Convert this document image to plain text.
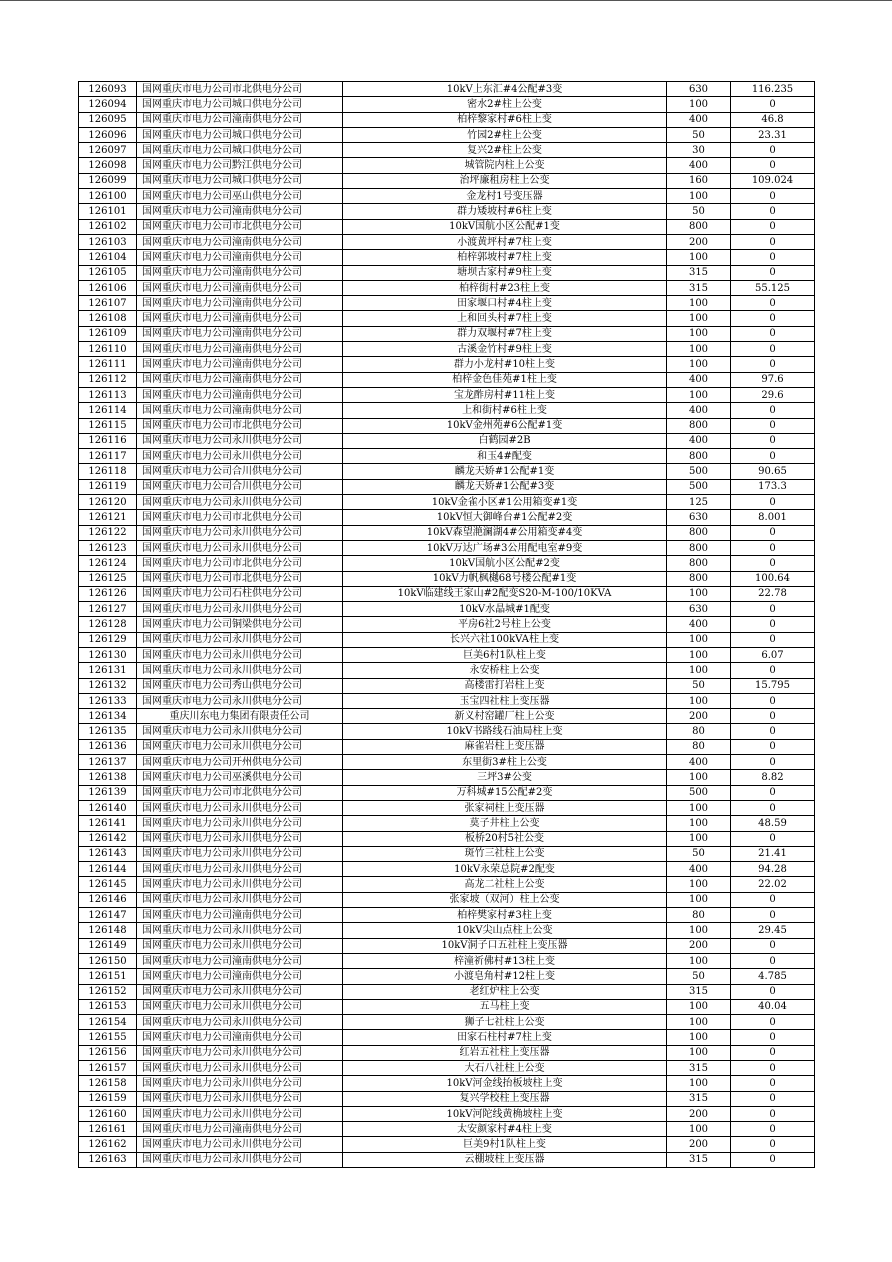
126093	国网重庆市电力公司市北供电分公司	10kV上东汇#4公配#3变	630	116.235
126094	国网重庆市电力公司城口供电分公司	密水2#柱上公变	100	0
126095	国网重庆市电力公司潼南供电分公司	柏梓黎家村#6柱上变	400	46.8
126096	国网重庆市电力公司城口供电分公司	竹园2#柱上公变	50	23.31
126097	国网重庆市电力公司城口供电分公司	复兴2#柱上公变	30	0
126098	国网重庆市电力公司黔江供电分公司	城管院内柱上公变	400	0
126099	国网重庆市电力公司城口供电分公司	治坪廉租房柱上公变	160	109.024
126100	国网重庆市电力公司巫山供电分公司	金龙村1号变压器	100	0
126101	国网重庆市电力公司潼南供电分公司	群力矮坡村#6柱上变	50	0
126102	国网重庆市电力公司市北供电分公司	10kV国航小区公配#1变	800	0
126103	国网重庆市电力公司潼南供电分公司	小渡黄坪村#7柱上变	200	0
126104	国网重庆市电力公司潼南供电分公司	柏梓郭坡村#7柱上变	100	0
126105	国网重庆市电力公司潼南供电分公司	塘坝古家村#9柱上变	315	0
126106	国网重庆市电力公司潼南供电分公司	柏梓街村#23柱上变	315	55.125
126107	国网重庆市电力公司潼南供电分公司	田家堰口村#4柱上变	100	0
126108	国网重庆市电力公司潼南供电分公司	上和回头村#7柱上变	100	0
126109	国网重庆市电力公司潼南供电分公司	群力双堰村#7柱上变	100	0
126110	国网重庆市电力公司潼南供电分公司	古溪金竹村#9柱上变	100	0
126111	国网重庆市电力公司潼南供电分公司	群力小龙村#10柱上变	100	0
126112	国网重庆市电力公司潼南供电分公司	柏梓金色佳苑#1柱上变	400	97.6
126113	国网重庆市电力公司潼南供电分公司	宝龙酢房村#11柱上变	100	29.6
126114	国网重庆市电力公司潼南供电分公司	上和街村#6柱上变	400	0
126115	国网重庆市电力公司市北供电分公司	10kV金州苑#6公配#1变	800	0
126116	国网重庆市电力公司永川供电分公司	白鹤园#2B	400	0
126117	国网重庆市电力公司永川供电分公司	和玉4#配变	800	0
126118	国网重庆市电力公司合川供电分公司	麟龙天娇#1公配#1变	500	90.65
126119	国网重庆市电力公司合川供电分公司	麟龙天娇#1公配#3变	500	173.3
126120	国网重庆市电力公司永川供电分公司	10kV金雀小区#1公用箱变#1变	125	0
126121	国网重庆市电力公司市北供电分公司	10kV恒大御峰台#1公配#2变	630	8.001
126122	国网重庆市电力公司永川供电分公司	10kV森望滟澜湖4#公用箱变#4变	800	0
126123	国网重庆市电力公司永川供电分公司	10kV万达广场#3公用配电室#9变	800	0
126124	国网重庆市电力公司市北供电分公司	10kV国航小区公配#2变	800	0
126125	国网重庆市电力公司市北供电分公司	10kV力帆枫樾68号楼公配#1变	800	100.64
126126	国网重庆市电力公司石柱供电分公司	10kV临建线王家山#2配变S20-M-100/10KVA	100	22.78
126127	国网重庆市电力公司永川供电分公司	10kV水晶城#1配变	630	0
126128	国网重庆市电力公司铜梁供电分公司	平房6社2号柱上公变	400	0
126129	国网重庆市电力公司永川供电分公司	长兴六社100kVA柱上变	100	0
126130	国网重庆市电力公司永川供电分公司	巨美6村1队柱上变	100	6.07
126131	国网重庆市电力公司永川供电分公司	永安桥柱上公变	100	0
126132	国网重庆市电力公司秀山供电分公司	高楼雷打岩柱上变	50	15.795
126133	国网重庆市电力公司永川供电分公司	玉宝四社柱上变压器	100	0
126134	重庆川东电力集团有限责任公司	新义村窑罐厂柱上公变	200	0
126135	国网重庆市电力公司永川供电分公司	10kV书路线石油局柱上变	80	0
126136	国网重庆市电力公司永川供电分公司	麻雀岩柱上变压器	80	0
126137	国网重庆市电力公司开州供电分公司	东里街3#柱上公变	400	0
126138	国网重庆市电力公司巫溪供电分公司	三坪3#公变	100	8.82
126139	国网重庆市电力公司市北供电分公司	万科城#15公配#2变	500	0
126140	国网重庆市电力公司永川供电分公司	张家祠柱上变压器	100	0
126141	国网重庆市电力公司永川供电分公司	莫子井柱上公变	100	48.59
126142	国网重庆市电力公司永川供电分公司	板桥20村5社公变	100	0
126143	国网重庆市电力公司永川供电分公司	斑竹三社柱上公变	50	21.41
126144	国网重庆市电力公司永川供电分公司	10kV永荣总院#2配变	400	94.28
126145	国网重庆市电力公司永川供电分公司	高龙二社柱上公变	100	22.02
126146	国网重庆市电力公司永川供电分公司	张家坡（双河）柱上公变	100	0
126147	国网重庆市电力公司潼南供电分公司	柏梓樊家村#3柱上变	80	0
126148	国网重庆市电力公司永川供电分公司	10kV尖山点柱上公变	100	29.45
126149	国网重庆市电力公司永川供电分公司	10kV洞子口五社柱上变压器	200	0
126150	国网重庆市电力公司潼南供电分公司	梓潼祈佛村#13柱上变	100	0
126151	国网重庆市电力公司潼南供电分公司	小渡皂角村#12柱上变	50	4.785
126152	国网重庆市电力公司永川供电分公司	老红炉柱上公变	315	0
126153	国网重庆市电力公司永川供电分公司	五马柱上变	100	40.04
126154	国网重庆市电力公司永川供电分公司	狮子七社柱上公变	100	0
126155	国网重庆市电力公司潼南供电分公司	田家石柱村#7柱上变	100	0
126156	国网重庆市电力公司永川供电分公司	红岩五社柱上变压器	100	0
126157	国网重庆市电力公司永川供电分公司	大石八社柱上公变	315	0
126158	国网重庆市电力公司永川供电分公司	10kV河金线抬板坡柱上变	100	0
126159	国网重庆市电力公司永川供电分公司	复兴学校柱上变压器	315	0
126160	国网重庆市电力公司永川供电分公司	10kV河陀线黄桷坡柱上变	200	0
126161	国网重庆市电力公司潼南供电分公司	太安颜家村#4柱上变	100	0
126162	国网重庆市电力公司永川供电分公司	巨美9村1队柱上变	200	0
126163	国网重庆市电力公司永川供电分公司	云棚坡柱上变压器	315	0
